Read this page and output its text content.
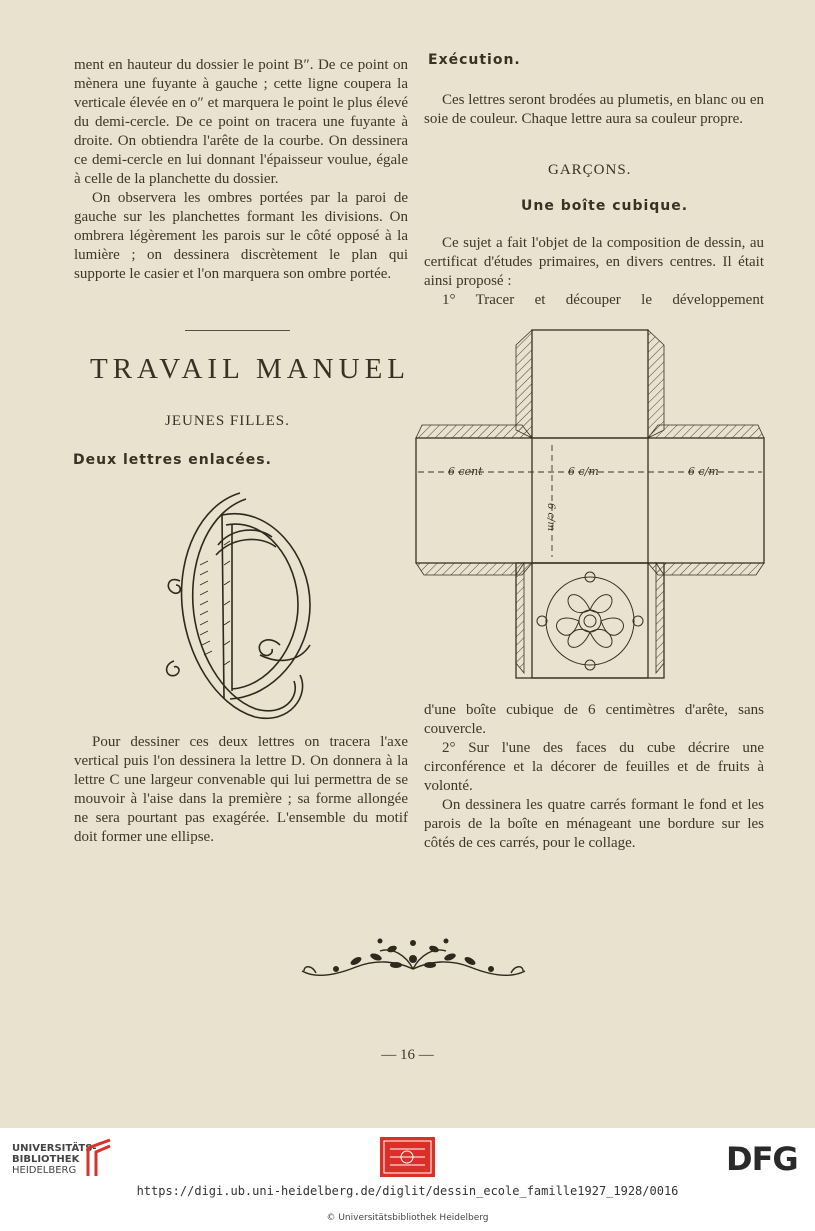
ment en hauteur du dossier le point B″. De ce point on mènera une fuyante à gauche ; cette ligne coupera la verticale élevée en o″ et marquera le point le plus élevé du demi-cercle. De ce point on tracera une fuyante à droite. On obtiendra l'arête de la courbe. On dessinera ce demi-cercle en lui donnant l'épaisseur voulue, égale à celle de la planchette du dossier.

On observera les ombres portées par la paroi de gauche sur les planchettes formant les divisions. On ombrera légèrement les parois sur le côté opposé à la lumière ; on dessinera discrètement le plan qui supporte le casier et l'on marquera son ombre portée.

Exécution.

Ces lettres seront brodées au plumetis, en blanc ou en soie de couleur. Chaque lettre aura sa couleur propre.

GARÇONS.
Une boîte cubique.

Ce sujet a fait l'objet de la composition de dessin, au certificat d'études primaires, en divers centres. Il était ainsi proposé :

1° Tracer et découper le développement

TRAVAIL MANUEL
JEUNES FILLES.
Deux lettres enlacées.
D C
6 cent	6 c/m	6 c/m
6 c/m

d'une boîte cubique de 6 centimètres d'arête, sans couvercle.

2° Sur l'une des faces du cube décrire une circonférence et la décorer de feuilles et de fruits à volonté.

On dessinera les quatre carrés formant le fond et les parois de la boîte en ménageant une bordure sur les côtés de ces carrés, pour le collage.

Pour dessiner ces deux lettres on tracera l'axe vertical puis l'on dessinera la lettre D. On donnera à la lettre C une largeur convenable qui lui permettra de se mouvoir à l'aise dans la première ; sa forme allongée ne sera pourtant pas exagérée. L'ensemble du motif doit former une ellipse.

— 16 —
UNIVERSITÄTS-
BIBLIOTHEK
HEIDELBERG	DFG
https://digi.ub.uni-heidelberg.de/diglit/dessin_ecole_famille1927_1928/0016
© Universitätsbibliothek Heidelberg
